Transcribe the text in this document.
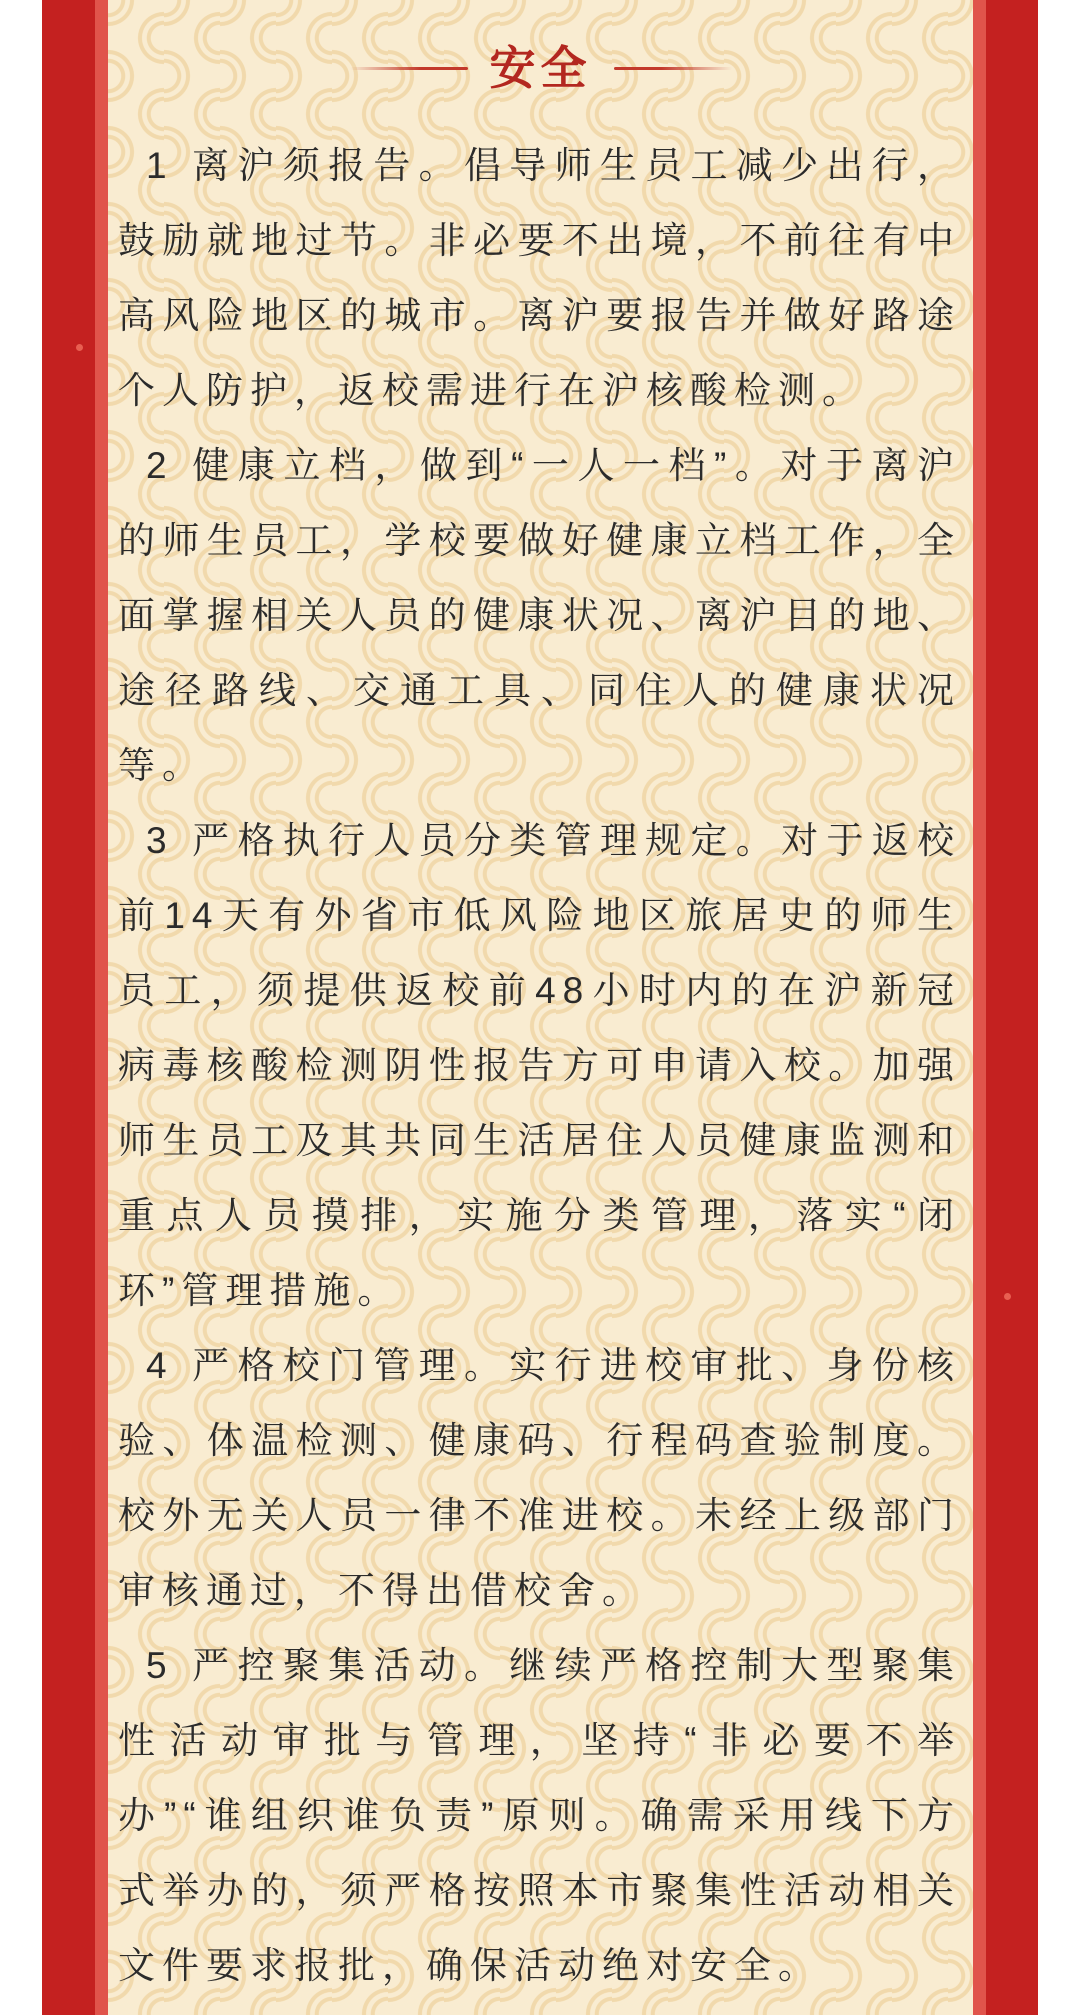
安全

1 离沪须报告。倡导师生员工减少出行，鼓励就地过节。非必要不出境，不前往有中高风险地区的城市。离沪要报告并做好路途个人防护，返校需进行在沪核酸检测。

2 健康立档，做到“一人一档”。对于离沪的师生员工，学校要做好健康立档工作，全面掌握相关人员的健康状况、离沪目的地、途径路线、交通工具、同住人的健康状况等。

3 严格执行人员分类管理规定。对于返校前14天有外省市低风险地区旅居史的师生员工，须提供返校前48小时内的在沪新冠病毒核酸检测阴性报告方可申请入校。加强师生员工及其共同生活居住人员健康监测和重点人员摸排，实施分类管理，落实“闭环”管理措施。

4 严格校门管理。实行进校审批、身份核验、体温检测、健康码、行程码查验制度。校外无关人员一律不准进校。未经上级部门审核通过，不得出借校舍。

5 严控聚集活动。继续严格控制大型聚集性活动审批与管理，坚持“非必要不举办”“谁组织谁负责”原则。确需采用线下方式举办的，须严格按照本市聚集性活动相关文件要求报批，确保活动绝对安全。
